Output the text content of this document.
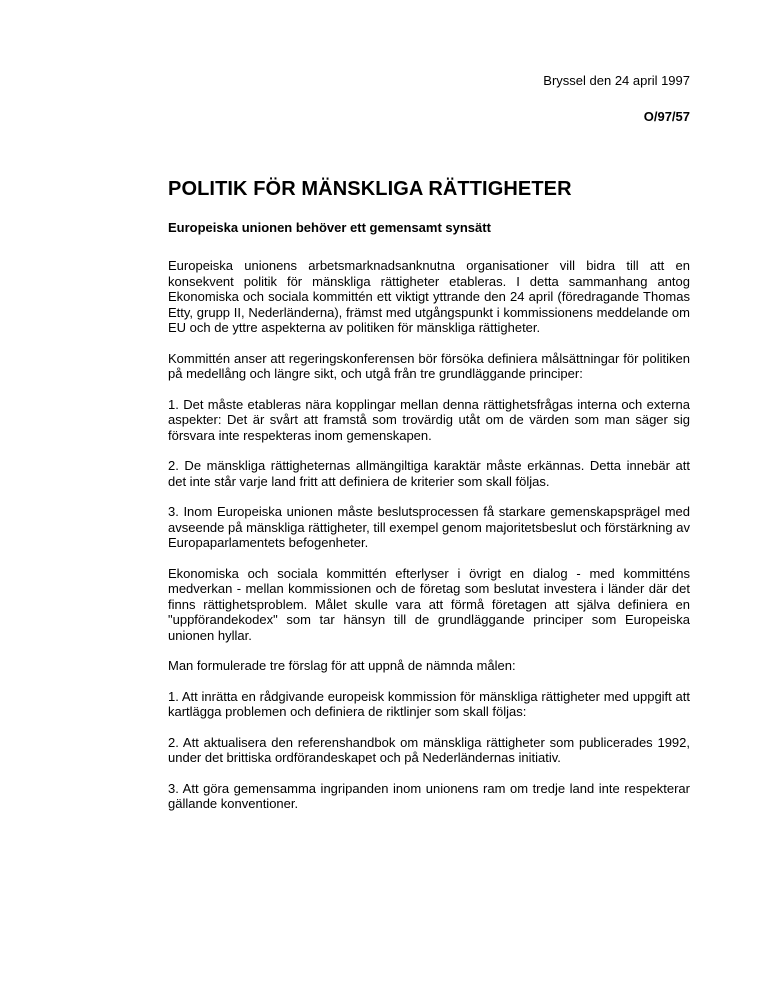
Bryssel den 24 april 1997
O/97/57
POLITIK FÖR MÄNSKLIGA RÄTTIGHETER
Europeiska unionen behöver ett gemensamt synsätt

Europeiska unionens arbetsmarknadsanknutna organisationer vill bidra till att en konsekvent politik för mänskliga rättigheter etableras. I detta sammanhang antog Ekonomiska och sociala kommittén ett viktigt yttrande den 24 april (föredragande Thomas Etty, grupp II, Nederländerna), främst med utgångspunkt i kommissionens meddelande om EU och de yttre aspekterna av politiken för mänskliga rättigheter.

Kommittén anser att regeringskonferensen bör försöka definiera målsättningar för politiken på medellång och längre sikt, och utgå från tre grundläggande principer:

1. Det måste etableras nära kopplingar mellan denna rättighetsfrågas interna och externa aspekter: Det är svårt att framstå som trovärdig utåt om de värden som man säger sig försvara inte respekteras inom gemenskapen.

2. De mänskliga rättigheternas allmängiltiga karaktär måste erkännas. Detta innebär att det inte står varje land fritt att definiera de kriterier som skall följas.

3. Inom Europeiska unionen måste beslutsprocessen få starkare gemenskapsprägel med avseende på mänskliga rättigheter, till exempel genom majoritetsbeslut och förstärkning av Europaparlamentets befogenheter.

Ekonomiska och sociala kommittén efterlyser i övrigt en dialog - med kommitténs medverkan - mellan kommissionen och de företag som beslutat investera i länder där det finns rättighetsproblem. Målet skulle vara att förmå företagen att själva definiera en "uppförandekodex" som tar hänsyn till de grundläggande principer som Europeiska unionen hyllar.

Man formulerade tre förslag för att uppnå de nämnda målen:

1. Att inrätta en rådgivande europeisk kommission för mänskliga rättigheter med uppgift att kartlägga problemen och definiera de riktlinjer som skall följas:

2. Att aktualisera den referenshandbok om mänskliga rättigheter som publicerades 1992, under det brittiska ordförandeskapet och på Nederländernas initiativ.

3. Att göra gemensamma ingripanden inom unionens ram om tredje land inte respekterar gällande konventioner.
